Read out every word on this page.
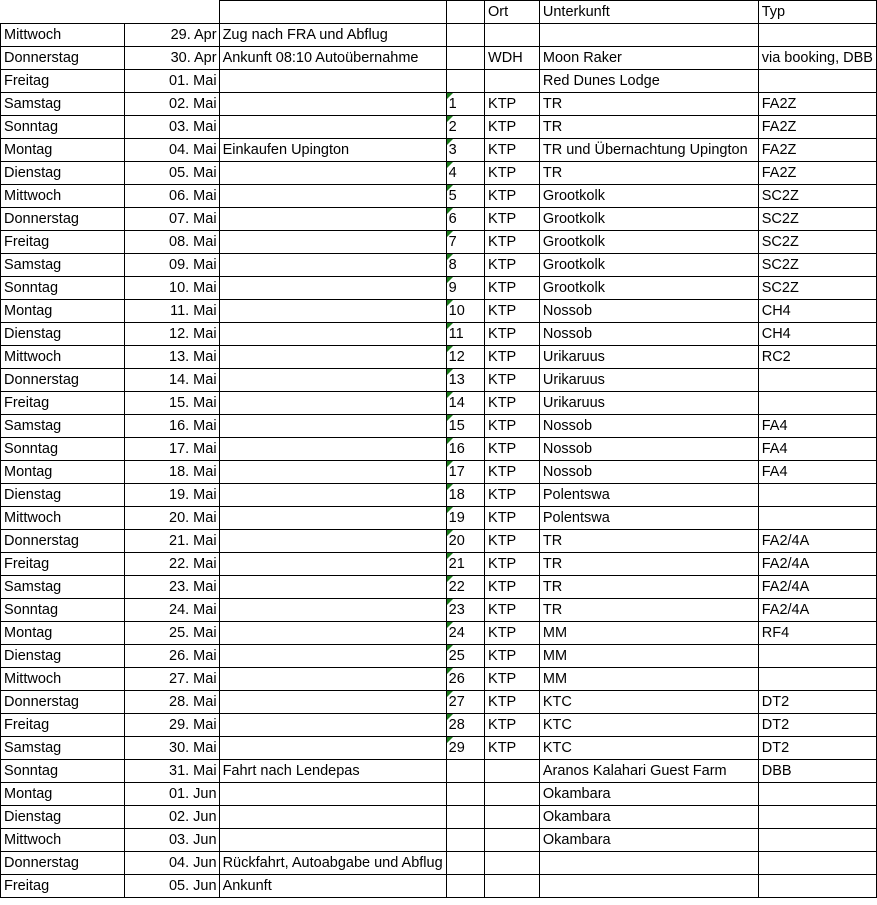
				Ort	Unterkunft	Typ
Mittwoch	29. Apr	Zug nach FRA und Abflug				
Donnerstag	30. Apr	Ankunft 08:10 Autoübernahme		WDH	Moon Raker	via booking, DBB
Freitag	01. Mai				Red Dunes Lodge	
Samstag	02. Mai		1	KTP	TR	FA2Z
Sonntag	03. Mai		2	KTP	TR	FA2Z
Montag	04. Mai	Einkaufen Upington	3	KTP	TR und Übernachtung Upington	FA2Z
Dienstag	05. Mai		4	KTP	TR	FA2Z
Mittwoch	06. Mai		5	KTP	Grootkolk	SC2Z
Donnerstag	07. Mai		6	KTP	Grootkolk	SC2Z
Freitag	08. Mai		7	KTP	Grootkolk	SC2Z
Samstag	09. Mai		8	KTP	Grootkolk	SC2Z
Sonntag	10. Mai		9	KTP	Grootkolk	SC2Z
Montag	11. Mai		10	KTP	Nossob	CH4
Dienstag	12. Mai		11	KTP	Nossob	CH4
Mittwoch	13. Mai		12	KTP	Urikaruus	RC2
Donnerstag	14. Mai		13	KTP	Urikaruus	
Freitag	15. Mai		14	KTP	Urikaruus	
Samstag	16. Mai		15	KTP	Nossob	FA4
Sonntag	17. Mai		16	KTP	Nossob	FA4
Montag	18. Mai		17	KTP	Nossob	FA4
Dienstag	19. Mai		18	KTP	Polentswa	
Mittwoch	20. Mai		19	KTP	Polentswa	
Donnerstag	21. Mai		20	KTP	TR	FA2/4A
Freitag	22. Mai		21	KTP	TR	FA2/4A
Samstag	23. Mai		22	KTP	TR	FA2/4A
Sonntag	24. Mai		23	KTP	TR	FA2/4A
Montag	25. Mai		24	KTP	MM	RF4
Dienstag	26. Mai		25	KTP	MM	
Mittwoch	27. Mai		26	KTP	MM	
Donnerstag	28. Mai		27	KTP	KTC	DT2
Freitag	29. Mai		28	KTP	KTC	DT2
Samstag	30. Mai		29	KTP	KTC	DT2
Sonntag	31. Mai	Fahrt nach Lendepas			Aranos Kalahari Guest Farm	DBB
Montag	01. Jun				Okambara	
Dienstag	02. Jun				Okambara	
Mittwoch	03. Jun				Okambara	
Donnerstag	04. Jun	Rückfahrt, Autoabgabe und Abflug				
Freitag	05. Jun	Ankunft				
